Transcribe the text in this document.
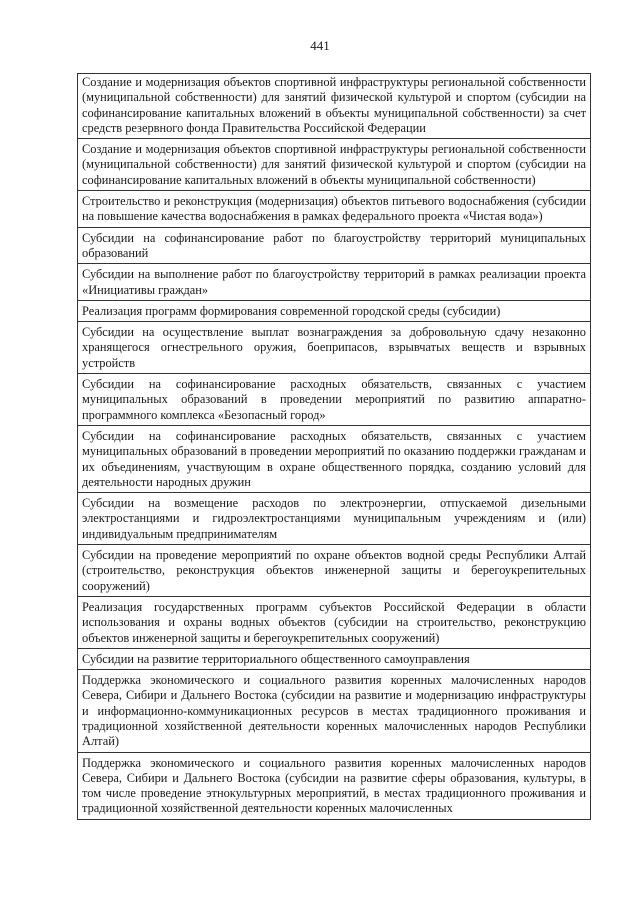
441
Создание и модернизация объектов спортивной инфраструктуры региональной собственности (муниципальной собственности) для занятий физической культурой и спортом (субсидии на софинансирование капитальных вложений в объекты муниципальной собственности) за счет средств резервного фонда Правительства Российской Федерации
Создание и модернизация объектов спортивной инфраструктуры региональной собственности (муниципальной собственности) для занятий физической культурой и спортом (субсидии на софинансирование капитальных вложений в объекты муниципальной собственности)
Строительство и реконструкция (модернизация) объектов питьевого водоснабжения (субсидии на повышение качества водоснабжения в рамках федерального проекта «Чистая вода»)
Субсидии на софинансирование работ по благоустройству территорий муниципальных образований
Субсидии на выполнение работ по благоустройству территорий в рамках реализации проекта «Инициативы граждан»
Реализация программ формирования современной городской среды (субсидии)
Субсидии на осуществление выплат вознаграждения за добровольную сдачу незаконно хранящегося огнестрельного оружия, боеприпасов, взрывчатых веществ и взрывных устройств
Субсидии на софинансирование расходных обязательств, связанных с участием муниципальных образований в проведении мероприятий по развитию аппаратно-программного комплекса «Безопасный город»
Субсидии на софинансирование расходных обязательств, связанных с участием муниципальных образований в проведении мероприятий по оказанию поддержки гражданам и их объединениям, участвующим в охране общественного порядка, созданию условий для деятельности народных дружин
Субсидии на возмещение расходов по электроэнергии, отпускаемой дизельными электростанциями и гидроэлектростанциями муниципальным учреждениям и (или) индивидуальным предпринимателям
Субсидии на проведение мероприятий по охране объектов водной среды Республики Алтай (строительство, реконструкция объектов инженерной защиты и берегоукрепительных сооружений)
Реализация государственных программ субъектов Российской Федерации в области использования и охраны водных объектов (субсидии на строительство, реконструкцию объектов инженерной защиты и берегоукрепительных сооружений)
Субсидии на развитие территориального общественного самоуправления
Поддержка экономического и социального развития коренных малочисленных народов Севера, Сибири и Дальнего Востока (субсидии на развитие и модернизацию инфраструктуры и информационно-коммуникационных ресурсов в местах традиционного проживания и традиционной хозяйственной деятельности коренных малочисленных народов Республики Алтай)
Поддержка экономического и социального развития коренных малочисленных народов Севера, Сибири и Дальнего Востока (субсидии на развитие сферы образования, культуры, в том числе проведение этнокультурных мероприятий, в местах традиционного проживания и традиционной хозяйственной деятельности коренных малочисленных
